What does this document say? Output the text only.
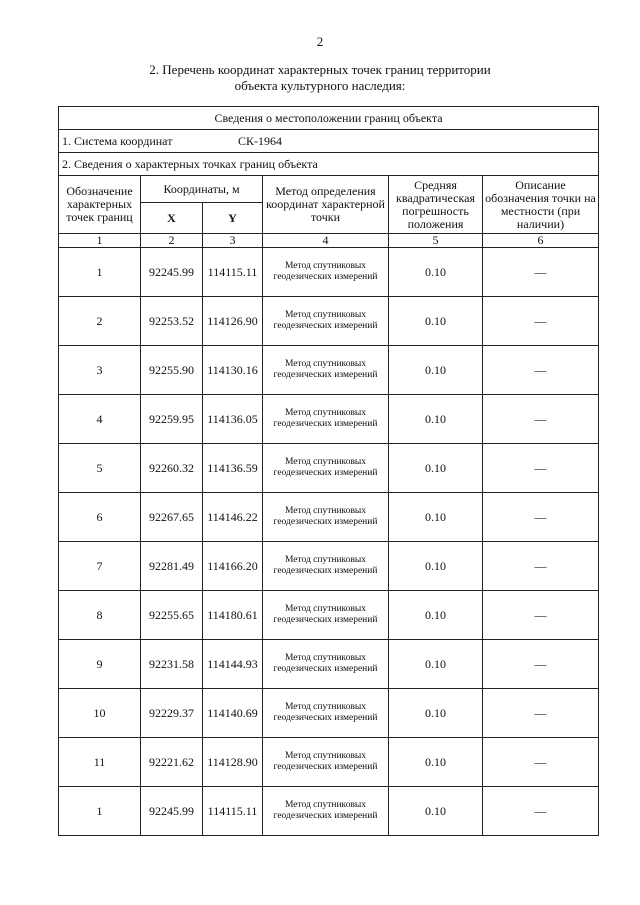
2
2. Перечень координат характерных точек границ территории
объекта культурного наследия:
Сведения о местоположении границ объекта					
1. Система координат СК-1964					
2. Сведения о характерных точках границ объекта					
Обозначение характерных точек границ	Координаты, м		Метод определения координат характерной точки	Средняя квадратическая погрешность положения	Описание обозначения точки на местности (при наличии)
	X	Y			
1	2	3	4	5	6
1	92245.99	114115.11	Метод спутниковых геодезических измерений	0.10	—
2	92253.52	114126.90	Метод спутниковых геодезических измерений	0.10	—
3	92255.90	114130.16	Метод спутниковых геодезических измерений	0.10	—
4	92259.95	114136.05	Метод спутниковых геодезических измерений	0.10	—
5	92260.32	114136.59	Метод спутниковых геодезических измерений	0.10	—
6	92267.65	114146.22	Метод спутниковых геодезических измерений	0.10	—
7	92281.49	114166.20	Метод спутниковых геодезических измерений	0.10	—
8	92255.65	114180.61	Метод спутниковых геодезических измерений	0.10	—
9	92231.58	114144.93	Метод спутниковых геодезических измерений	0.10	—
10	92229.37	114140.69	Метод спутниковых геодезических измерений	0.10	—
11	92221.62	114128.90	Метод спутниковых геодезических измерений	0.10	—
1	92245.99	114115.11	Метод спутниковых геодезических измерений	0.10	—
